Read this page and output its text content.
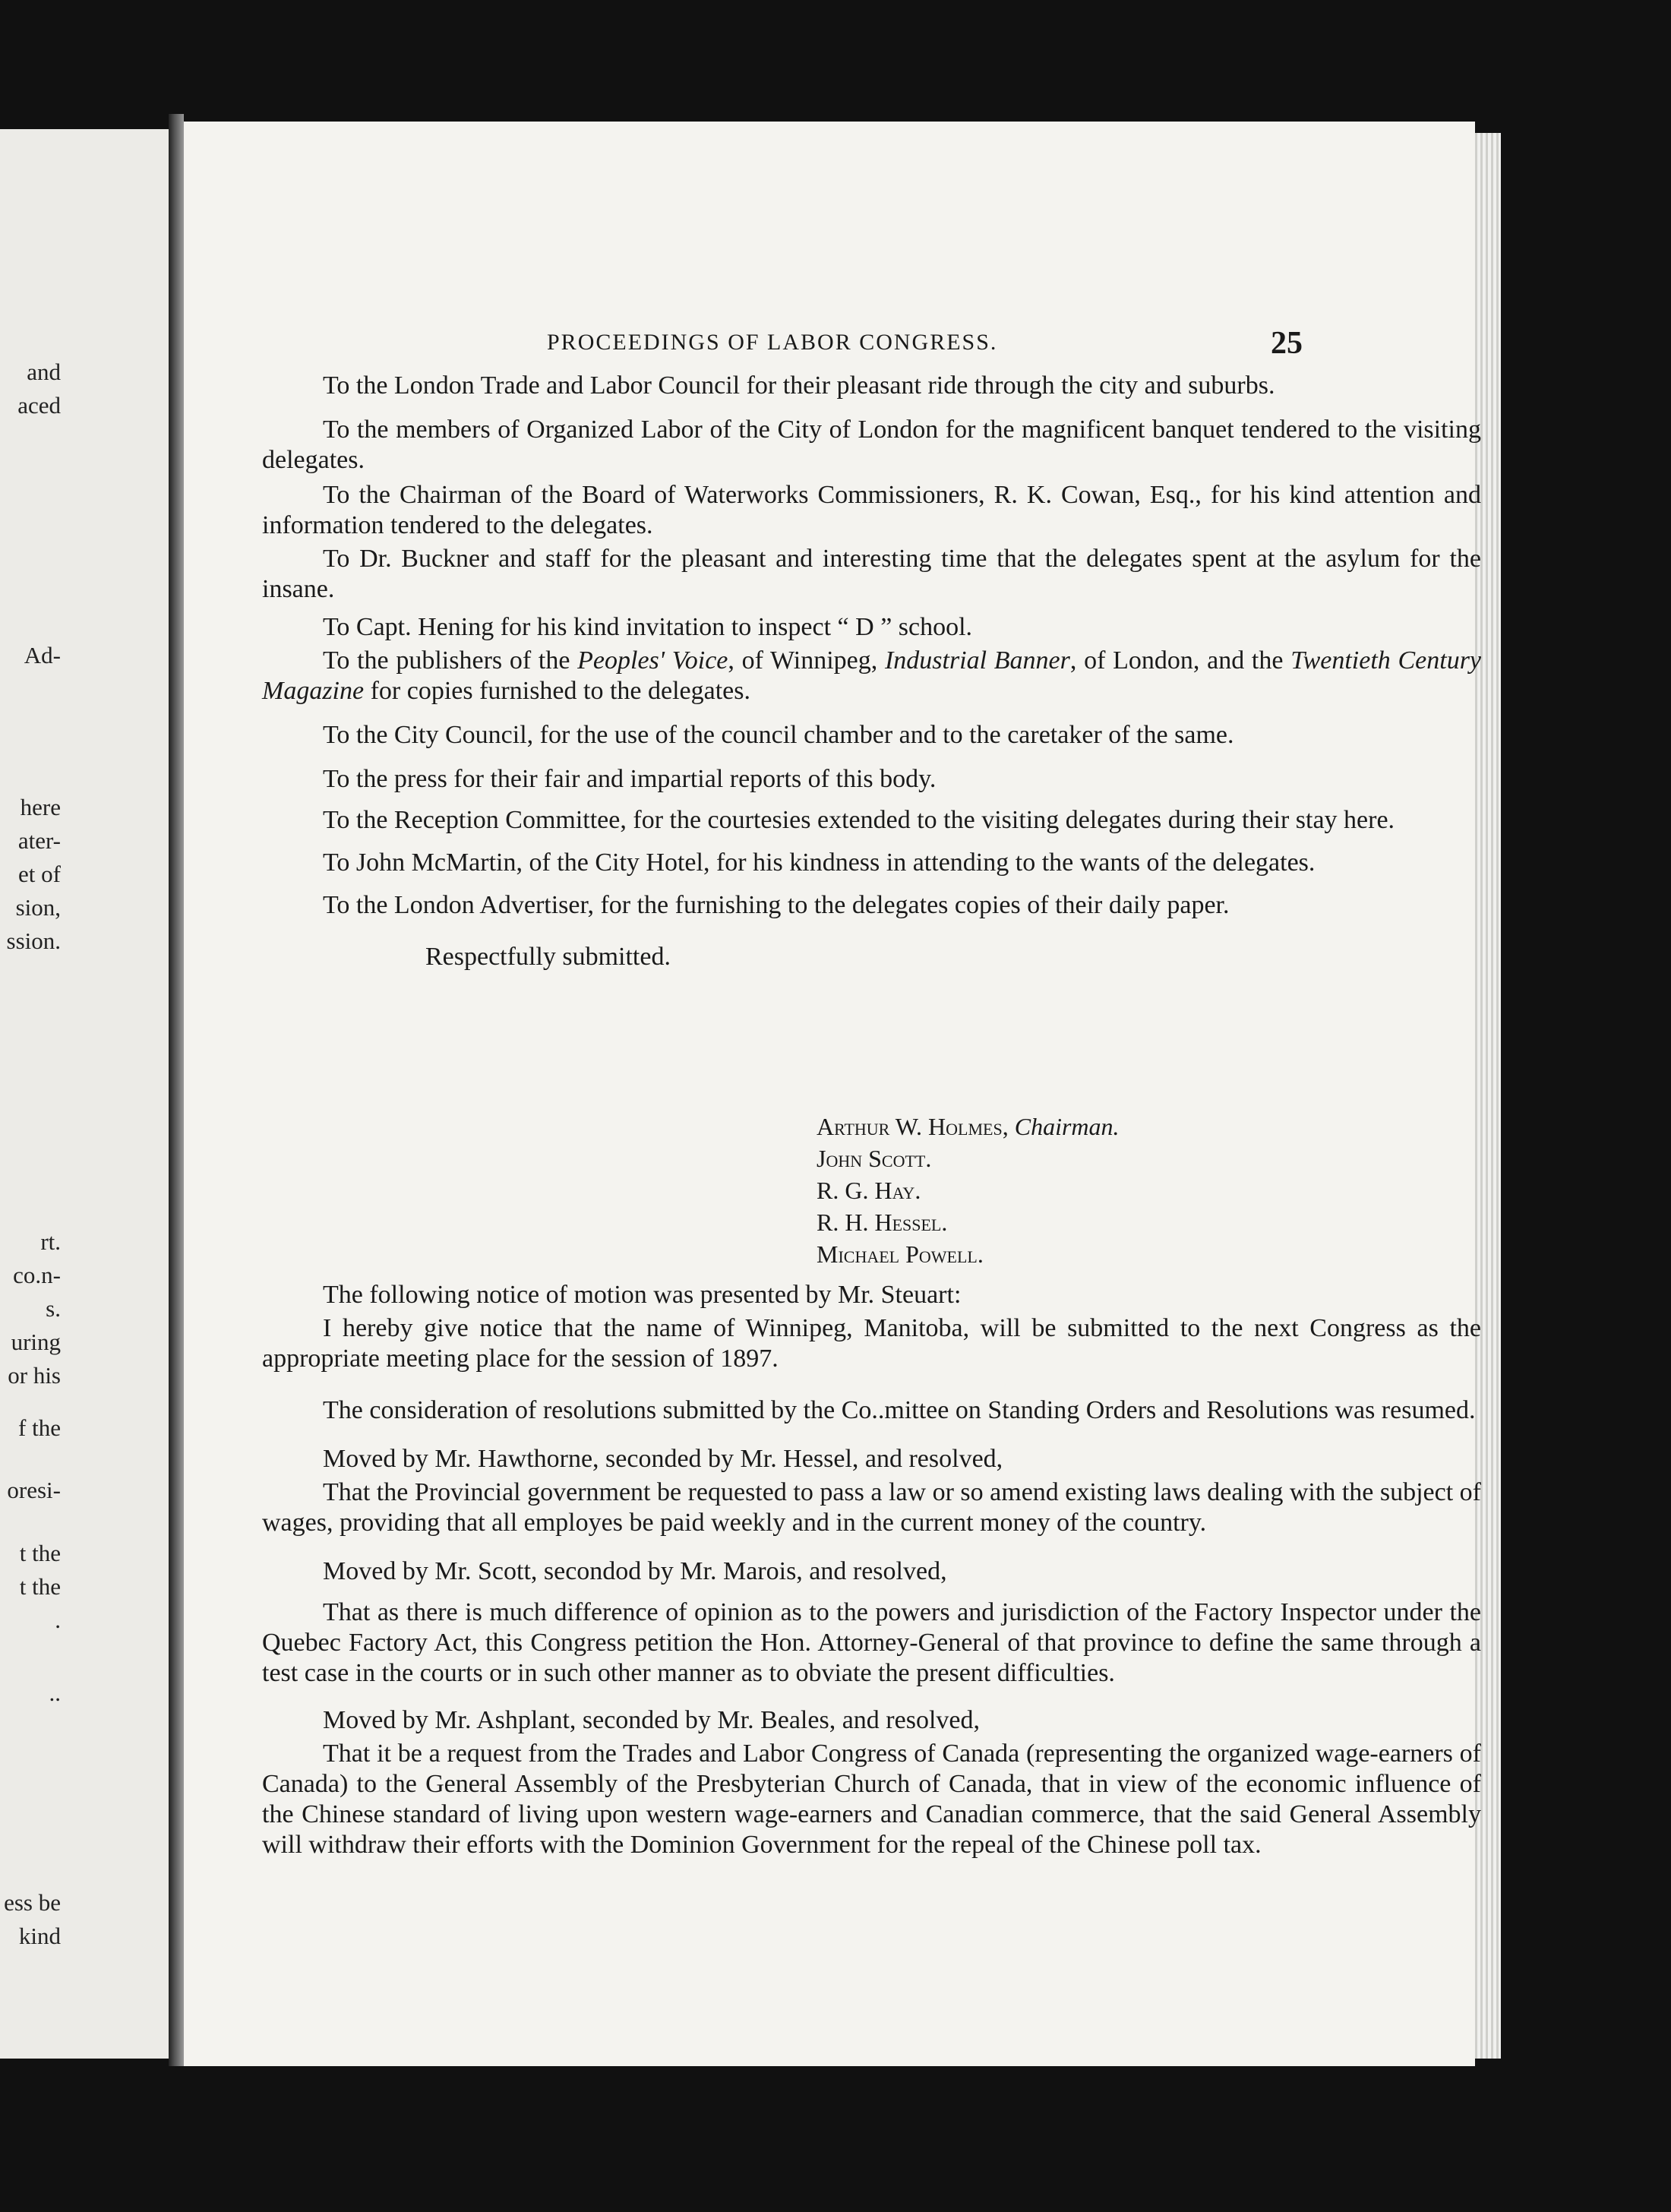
and
aced
Ad-
here
ater-
et of
sion,
ssion.
rt.
co.n-
s.
uring
or his
f the
oresi-
t the
t the
.
..
ess be
kind
PROCEEDINGS OF LABOR CONGRESS.	25

To the London Trade and Labor Council for their pleasant ride through the city and suburbs.

To the members of Organized Labor of the City of London for the magnificent banquet tendered to the visiting delegates.

To the Chairman of the Board of Waterworks Commissioners, R. K. Cowan, Esq., for his kind attention and information tendered to the delegates.

To Dr. Buckner and staff for the pleasant and interesting time that the delegates spent at the asylum for the insane.

To Capt. Hening for his kind invitation to inspect “ D ” school.

To the publishers of the Peoples' Voice, of Winnipeg, Industrial Banner, of London, and the Twentieth Century Magazine for copies furnished to the delegates.

To the City Council, for the use of the council chamber and to the caretaker of the same.

To the press for their fair and impartial reports of this body.

To the Reception Committee, for the courtesies extended to the visiting delegates during their stay here.

To John McMartin, of the City Hotel, for his kindness in attending to the wants of the delegates.

To the London Advertiser, for the furnishing to the delegates copies of their daily paper.

Respectfully submitted.

Arthur W. Holmes, Chairman.
John Scott.
R. G. Hay.
R. H. Hessel.
Michael Powell.

The following notice of motion was presented by Mr. Steuart:

I hereby give notice that the name of Winnipeg, Manitoba, will be submitted to the next Congress as the appropriate meeting place for the session of 1897.

The consideration of resolutions submitted by the Co..mittee on Standing Orders and Resolutions was resumed.

Moved by Mr. Hawthorne, seconded by Mr. Hessel, and resolved,

That the Provincial government be requested to pass a law or so amend existing laws dealing with the subject of wages, providing that all employes be paid weekly and in the current money of the country.

Moved by Mr. Scott, secondod by Mr. Marois, and resolved,

That as there is much difference of opinion as to the powers and jurisdiction of the Factory Inspector under the Quebec Factory Act, this Congress petition the Hon. Attorney-General of that province to define the same through a test case in the courts or in such other manner as to obviate the present difficulties.

Moved by Mr. Ashplant, seconded by Mr. Beales, and resolved,

That it be a request from the Trades and Labor Congress of Canada (representing the organized wage-earners of Canada) to the General Assembly of the Presbyterian Church of Canada, that in view of the economic influence of the Chinese standard of living upon western wage-earners and Canadian commerce, that the said General Assembly will withdraw their efforts with the Dominion Government for the repeal of the Chinese poll tax.
